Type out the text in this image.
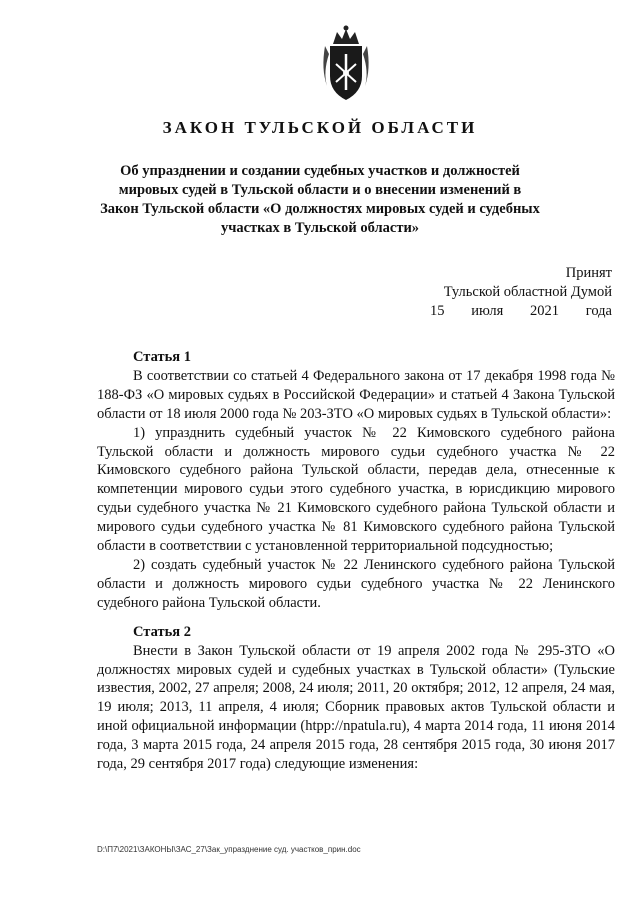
ЗАКОН ТУЛЬСКОЙ ОБЛАСТИ
Об упразднении и создании судебных участков и должностей мировых судей в Тульской области и о внесении изменений в Закон Тульской области «О должностях мировых судей и судебных участках в Тульской области»
Принят
Тульской областной Думой
15 июля 2021 года
Статья 1

В соответствии со статьей 4 Федерального закона от 17 декабря 1998 года № 188-ФЗ «О мировых судьях в Российской Федерации» и статьей 4 Закона Тульской области от 18 июля 2000 года № 203-ЗТО «О мировых судьях в Тульской области»:

1) упразднить судебный участок № 22 Кимовского судебного района Тульской области и должность мирового судьи судебного участка № 22 Кимовского судебного района Тульской области, передав дела, отнесенные к компетенции мирового судьи этого судебного участка, в юрисдикцию мирового судьи судебного участка № 21 Кимовского судебного района Тульской области и мирового судьи судебного участка № 81 Кимовского судебного района Тульской области в соответствии с установленной территориальной подсудностью;

2) создать судебный участок № 22 Ленинского судебного района Тульской области и должность мирового судьи судебного участка № 22 Ленинского судебного района Тульской области.

Статья 2

Внести в Закон Тульской области от 19 апреля 2002 года № 295-ЗТО «О должностях мировых судей и судебных участках в Тульской области» (Тульские известия, 2002, 27 апреля; 2008, 24 июля; 2011, 20 октября; 2012, 12 апреля, 24 мая, 19 июля; 2013, 11 апреля, 4 июля; Сборник правовых актов Тульской области и иной официальной информации (htpp://npatula.ru), 4 марта 2014 года, 11 июня 2014 года, 3 марта 2015 года, 24 апреля 2015 года, 28 сентября 2015 года, 30 июня 2017 года, 29 сентября 2017 года) следующие изменения:

D:\П7\2021\ЗАКОНЫ\ЗАС_27\Зак_упразднение суд. участков_прин.doc
